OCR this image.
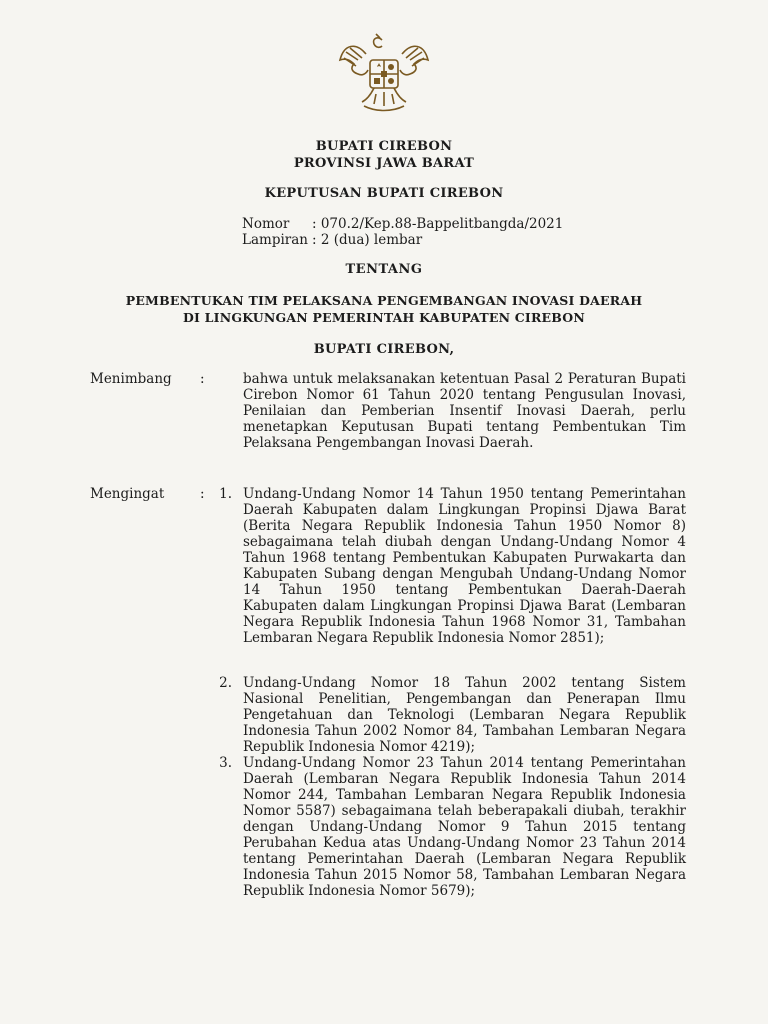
BUPATI CIREBON
PROVINSI JAWA BARAT
KEPUTUSAN BUPATI CIREBON
Nomor : 070.2/Kep.88-Bappelitbangda/2021
Lampiran : 2 (dua) lembar
TENTANG
PEMBENTUKAN TIM PELAKSANA PENGEMBANGAN INOVASI DAERAH
DI LINGKUNGAN PEMERINTAH KABUPATEN CIREBON
BUPATI CIREBON,
Menimbang :	bahwa untuk melaksanakan ketentuan Pasal 2 Peraturan Bupati Cirebon Nomor 61 Tahun 2020 tentang Pengusulan Inovasi, Penilaian dan Pemberian Insentif Inovasi Daerah, perlu menetapkan Keputusan Bupati tentang Pembentukan Tim Pelaksana Pengembangan Inovasi Daerah.
Mengingat	:	1. Undang-Undang Nomor 14 Tahun 1950 tentang Pemerintahan Daerah Kabupaten dalam Lingkungan Propinsi Djawa Barat (Berita Negara Republik Indonesia Tahun 1950 Nomor 8) sebagaimana telah diubah dengan Undang-Undang Nomor 4 Tahun 1968 tentang Pembentukan Kabupaten Purwakarta dan Kabupaten Subang dengan Mengubah Undang-Undang Nomor 14 Tahun 1950 tentang Pembentukan Daerah-Daerah Kabupaten dalam Lingkungan Propinsi Djawa Barat (Lembaran Negara Republik Indonesia Tahun 1968 Nomor 31, Tambahan Lembaran Negara Republik Indonesia Nomor 2851);
2. Undang-Undang Nomor 18 Tahun 2002 tentang Sistem Nasional Penelitian, Pengembangan dan Penerapan Ilmu Pengetahuan dan Teknologi (Lembaran Negara Republik Indonesia Tahun 2002 Nomor 84, Tambahan Lembaran Negara Republik Indonesia Nomor 4219);
3. Undang-Undang Nomor 23 Tahun 2014 tentang Pemerintahan Daerah (Lembaran Negara Republik Indonesia Tahun 2014 Nomor 244, Tambahan Lembaran Negara Republik Indonesia Nomor 5587) sebagaimana telah beberapakali diubah, terakhir dengan Undang-Undang Nomor 9 Tahun 2015 tentang Perubahan Kedua atas Undang-Undang Nomor 23 Tahun 2014 tentang Pemerintahan Daerah (Lembaran Negara Republik Indonesia Tahun 2015 Nomor 58, Tambahan Lembaran Negara Republik Indonesia Nomor 5679);
